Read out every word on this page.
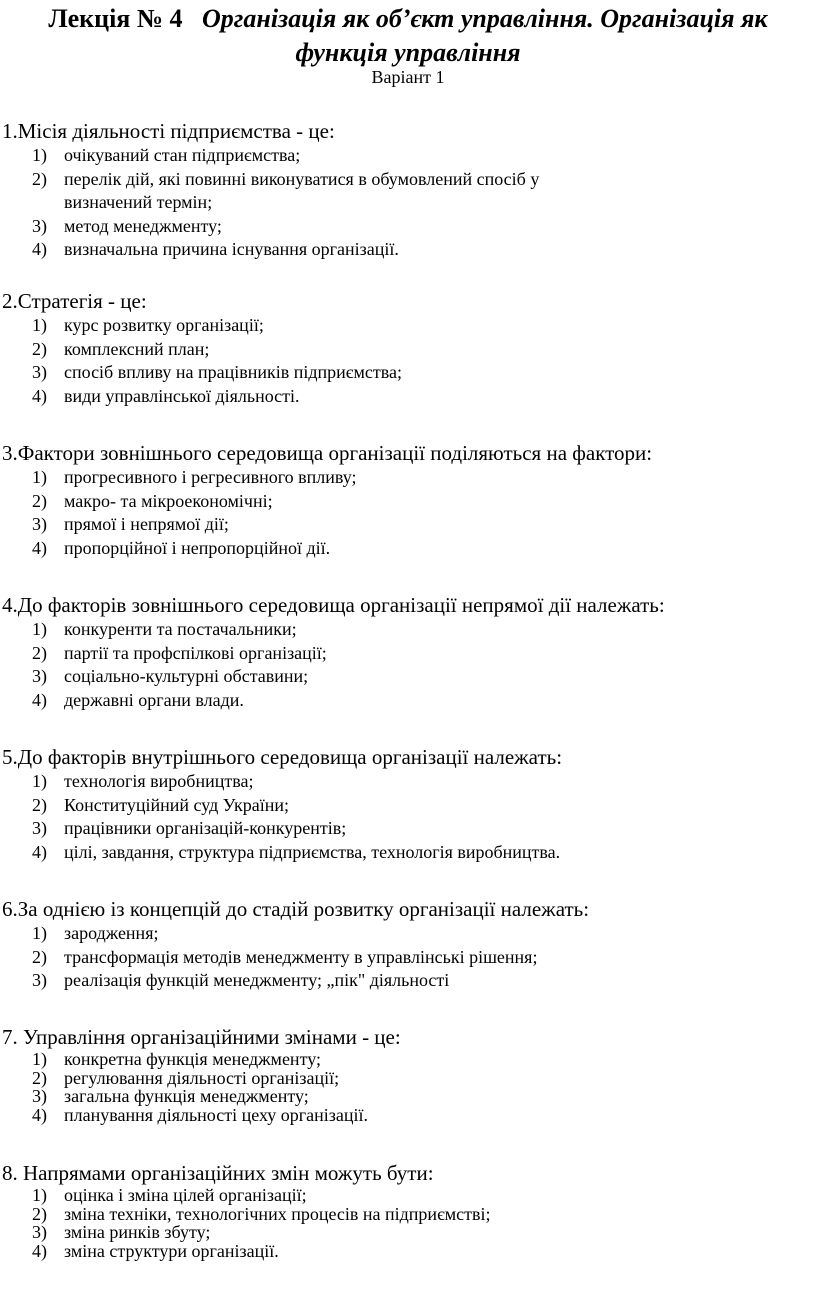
Лекція № 4 Організація як об’єкт управління. Організація як
функція управління
Варіант 1
1.Місія діяльності підприємства - це:
1) очікуваний стан підприємства;
2) перелік дій, які повинні виконуватися в обумовлений спосіб у визначений термін;
3) метод менеджменту;
4) визначальна причина існування організації.
2.Стратегія - це:
1) курс розвитку організації;
2) комплексний план;
3) спосіб впливу на працівників підприємства;
4) види управлінської діяльності.
3.Фактори зовнішнього середовища організації поділяються на фактори:
1) прогресивного і регресивного впливу;
2) макро- та мікроекономічні;
3) прямої і непрямої дії;
4) пропорційної і непропорційної дії.
4.До факторів зовнішнього середовища організації непрямої дії належать:
1) конкуренти та постачальники;
2) партії та профспілкові організації;
3) соціально-культурні обставини;
4) державні органи влади.
5.До факторів внутрішнього середовища організації належать:
1) технологія виробництва;
2) Конституційний суд України;
3) працівники організацій-конкурентів;
4) цілі, завдання, структура підприємства, технологія виробництва.
6.За однією із концепцій до стадій розвитку організації належать:
1) зародження;
2) трансформація методів менеджменту в управлінські рішення;
3) реалізація функцій менеджменту; „пік" діяльності
7. Управління організаційними змінами - це:
1) конкретна функція менеджменту;
2) регулювання діяльності організації;
3) загальна функція менеджменту;
4) планування діяльності цеху організації.
8. Напрямами організаційних змін можуть бути:
1) оцінка і зміна цілей організації;
2) зміна техніки, технологічних процесів на підприємстві;
3) зміна ринків збуту;
4) зміна структури організації.
